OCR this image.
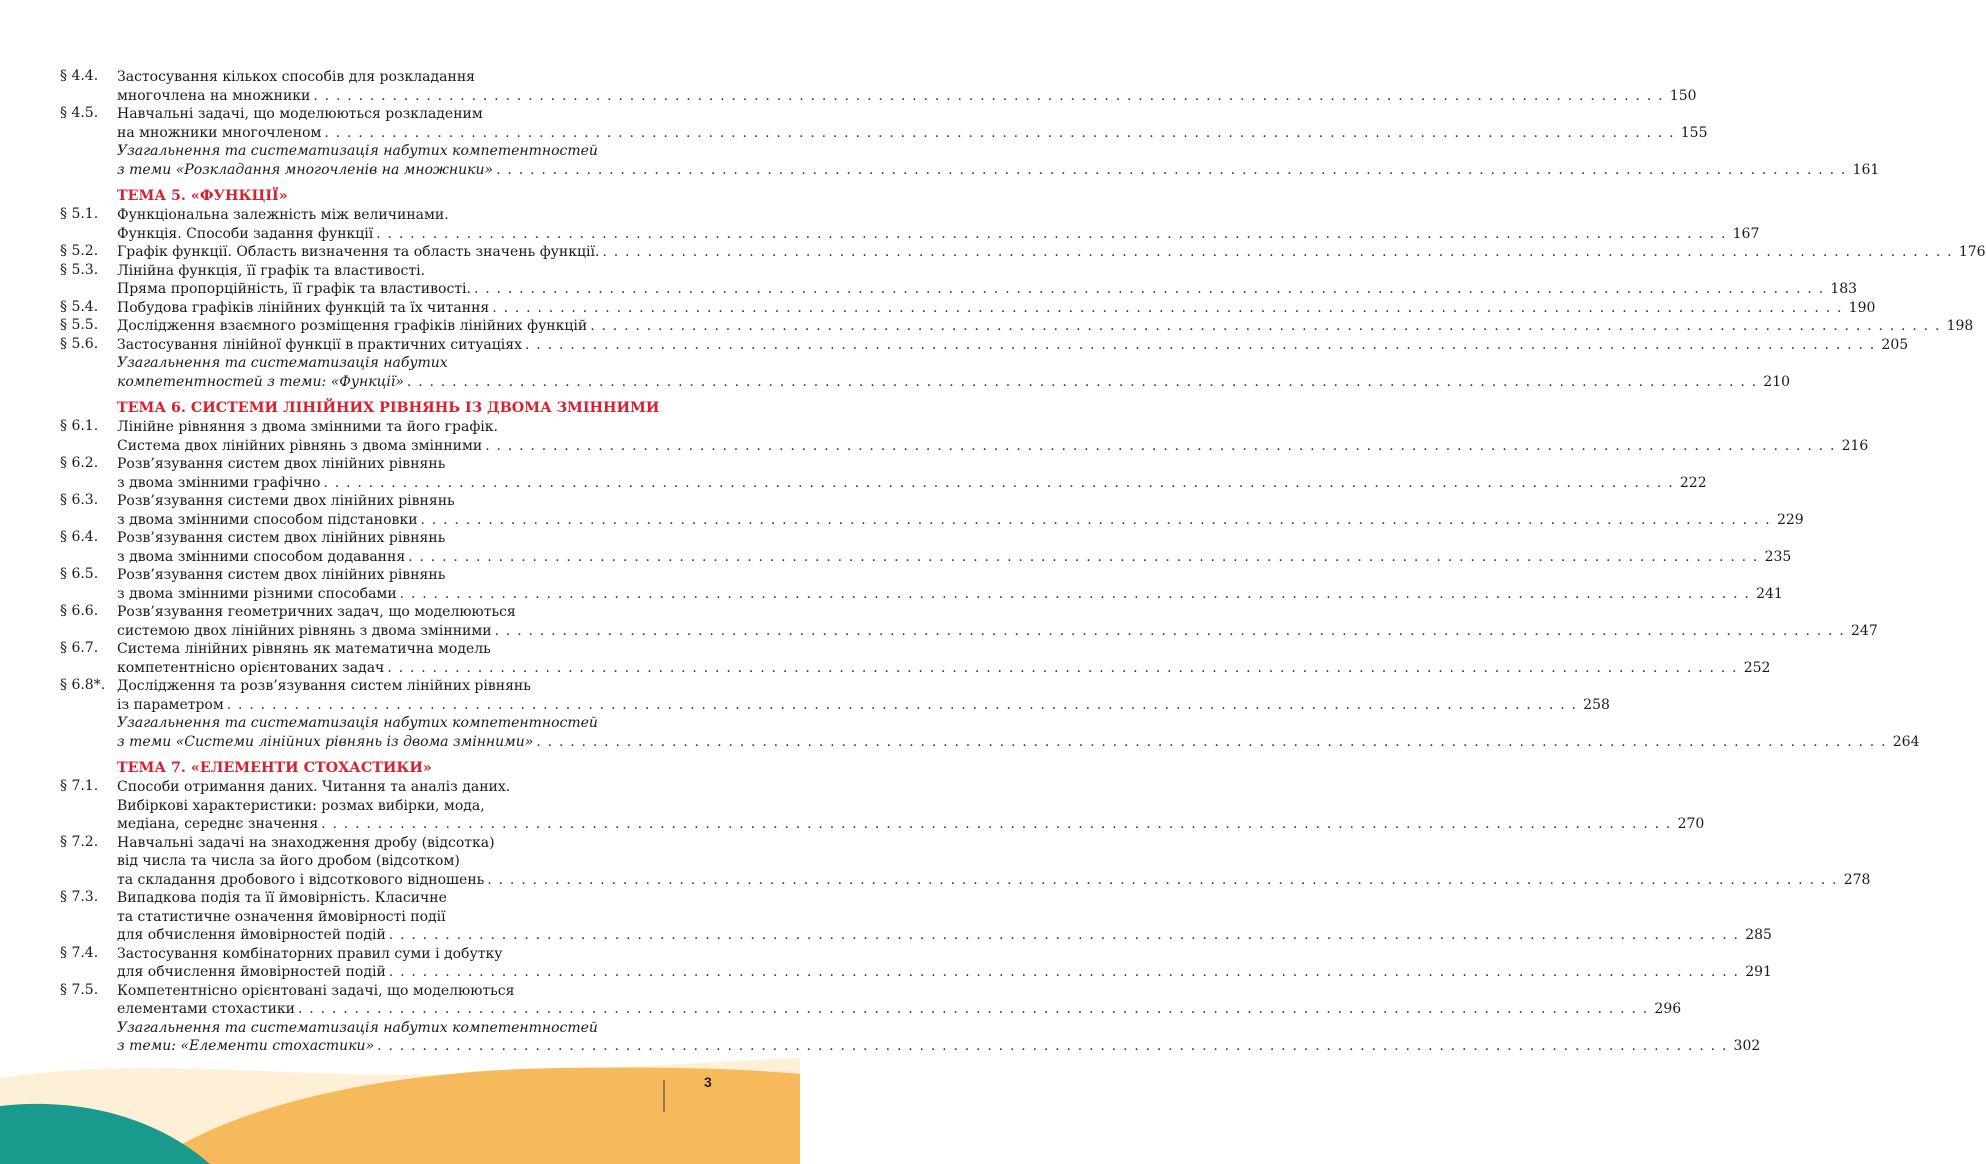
§ 4.4.	Застосування кількох способів для розкладання
многочлена на множники . . . . . . . . . . . . . . . . . . . . . . . . . . . . . . . . . . . . . . . . . . . . . . . . . . . . . . . . . . . . . . . . . . . . . . . . . . . . . . . . . . . . . . . . . . . . . . . . . . . . . . . . . . . . . . . . . . . . . . . . 150
§ 4.5.	Навчальні задачі, що моделюються розкладеним
на множники многочленом . . . . . . . . . . . . . . . . . . . . . . . . . . . . . . . . . . . . . . . . . . . . . . . . . . . . . . . . . . . . . . . . . . . . . . . . . . . . . . . . . . . . . . . . . . . . . . . . . . . . . . . . . . . . . . . . . . . . . . . . 155
Узагальнення та систематизація набутих компетентностей
з теми «Розкладання многочленів на множники» . . . . . . . . . . . . . . . . . . . . . . . . . . . . . . . . . . . . . . . . . . . . . . . . . . . . . . . . . . . . . . . . . . . . . . . . . . . . . . . . . . . . . . . . . . . . . . . . . . . . . . . . . . . . . . . . . . . . . . . . 161
ТЕМА 5. «ФУНКЦІЇ»
§ 5.1.	Функціональна залежність між величинами.
Функція. Способи задання функції . . . . . . . . . . . . . . . . . . . . . . . . . . . . . . . . . . . . . . . . . . . . . . . . . . . . . . . . . . . . . . . . . . . . . . . . . . . . . . . . . . . . . . . . . . . . . . . . . . . . . . . . . . . . . . . . . . . . . . . . 167
§ 5.2.	Графік функції. Область визначення та область значень функції. . . . . . . . . . . . . . . . . . . . . . . . . . . . . . . . . . . . . . . . . . . . . . . . . . . . . . . . . . . . . . . . . . . . . . . . . . . . . . . . . . . . . . . . . . . . . . . . . . . . . . . . . . . . . . . . . . . . . . . . . 176
§ 5.3.	Лінійна функція, її графік та властивості.
Пряма пропорційність, її графік та властивості. . . . . . . . . . . . . . . . . . . . . . . . . . . . . . . . . . . . . . . . . . . . . . . . . . . . . . . . . . . . . . . . . . . . . . . . . . . . . . . . . . . . . . . . . . . . . . . . . . . . . . . . . . . . . . . . . . . . . . . . . 183
§ 5.4.	Побудова графіків лінійних функцій та їх читання . . . . . . . . . . . . . . . . . . . . . . . . . . . . . . . . . . . . . . . . . . . . . . . . . . . . . . . . . . . . . . . . . . . . . . . . . . . . . . . . . . . . . . . . . . . . . . . . . . . . . . . . . . . . . . . . . . . . . . . . 190
§ 5.5.	Дослідження взаємного розміщення графіків лінійних функцій . . . . . . . . . . . . . . . . . . . . . . . . . . . . . . . . . . . . . . . . . . . . . . . . . . . . . . . . . . . . . . . . . . . . . . . . . . . . . . . . . . . . . . . . . . . . . . . . . . . . . . . . . . . . . . . . . . . . . . . . 198
§ 5.6.	Застосування лінійної функції в практичних ситуаціях . . . . . . . . . . . . . . . . . . . . . . . . . . . . . . . . . . . . . . . . . . . . . . . . . . . . . . . . . . . . . . . . . . . . . . . . . . . . . . . . . . . . . . . . . . . . . . . . . . . . . . . . . . . . . . . . . . . . . . . . 205
Узагальнення та систематизація набутих
компетентностей з теми: «Функції» . . . . . . . . . . . . . . . . . . . . . . . . . . . . . . . . . . . . . . . . . . . . . . . . . . . . . . . . . . . . . . . . . . . . . . . . . . . . . . . . . . . . . . . . . . . . . . . . . . . . . . . . . . . . . . . . . . . . . . . . 210
ТЕМА 6. СИСТЕМИ ЛІНІЙНИХ РІВНЯНЬ ІЗ ДВОМА ЗМІННИМИ
§ 6.1.	Лінійне рівняння з двома змінними та його графік.
Система двох лінійних рівнянь з двома змінними . . . . . . . . . . . . . . . . . . . . . . . . . . . . . . . . . . . . . . . . . . . . . . . . . . . . . . . . . . . . . . . . . . . . . . . . . . . . . . . . . . . . . . . . . . . . . . . . . . . . . . . . . . . . . . . . . . . . . . . . 216
§ 6.2.	Розв’язування систем двох лінійних рівнянь
з двома змінними графічно . . . . . . . . . . . . . . . . . . . . . . . . . . . . . . . . . . . . . . . . . . . . . . . . . . . . . . . . . . . . . . . . . . . . . . . . . . . . . . . . . . . . . . . . . . . . . . . . . . . . . . . . . . . . . . . . . . . . . . . . 222
§ 6.3.	Розв’язування системи двох лінійних рівнянь
з двома змінними способом підстановки . . . . . . . . . . . . . . . . . . . . . . . . . . . . . . . . . . . . . . . . . . . . . . . . . . . . . . . . . . . . . . . . . . . . . . . . . . . . . . . . . . . . . . . . . . . . . . . . . . . . . . . . . . . . . . . . . . . . . . . . 229
§ 6.4.	Розв’язування систем двох лінійних рівнянь
з двома змінними способом додавання . . . . . . . . . . . . . . . . . . . . . . . . . . . . . . . . . . . . . . . . . . . . . . . . . . . . . . . . . . . . . . . . . . . . . . . . . . . . . . . . . . . . . . . . . . . . . . . . . . . . . . . . . . . . . . . . . . . . . . . . 235
§ 6.5.	Розв’язування систем двох лінійних рівнянь
з двома змінними різними способами . . . . . . . . . . . . . . . . . . . . . . . . . . . . . . . . . . . . . . . . . . . . . . . . . . . . . . . . . . . . . . . . . . . . . . . . . . . . . . . . . . . . . . . . . . . . . . . . . . . . . . . . . . . . . . . . . . . . . . . . 241
§ 6.6.	Розв’язування геометричних задач, що моделюються
системою двох лінійних рівнянь з двома змінними . . . . . . . . . . . . . . . . . . . . . . . . . . . . . . . . . . . . . . . . . . . . . . . . . . . . . . . . . . . . . . . . . . . . . . . . . . . . . . . . . . . . . . . . . . . . . . . . . . . . . . . . . . . . . . . . . . . . . . . . 247
§ 6.7.	Система лінійних рівнянь як математична модель
компетентнісно орієнтованих задач . . . . . . . . . . . . . . . . . . . . . . . . . . . . . . . . . . . . . . . . . . . . . . . . . . . . . . . . . . . . . . . . . . . . . . . . . . . . . . . . . . . . . . . . . . . . . . . . . . . . . . . . . . . . . . . . . . . . . . . . 252
§ 6.8*. Дослідження та розв’язування систем лінійних рівнянь
із параметром . . . . . . . . . . . . . . . . . . . . . . . . . . . . . . . . . . . . . . . . . . . . . . . . . . . . . . . . . . . . . . . . . . . . . . . . . . . . . . . . . . . . . . . . . . . . . . . . . . . . . . . . . . . . . . . . . . . . . . . . 258
Узагальнення та систематизація набутих компетентностей
з теми «Системи лінійних рівнянь із двома змінними» . . . . . . . . . . . . . . . . . . . . . . . . . . . . . . . . . . . . . . . . . . . . . . . . . . . . . . . . . . . . . . . . . . . . . . . . . . . . . . . . . . . . . . . . . . . . . . . . . . . . . . . . . . . . . . . . . . . . . . . . 264
ТЕМА 7. «ЕЛЕМЕНТИ СТОХАСТИКИ»
§ 7.1.	Способи отримання даних. Читання та аналіз даних.
Вибіркові характеристики: розмах вибірки, мода,
медіана, середнє значення . . . . . . . . . . . . . . . . . . . . . . . . . . . . . . . . . . . . . . . . . . . . . . . . . . . . . . . . . . . . . . . . . . . . . . . . . . . . . . . . . . . . . . . . . . . . . . . . . . . . . . . . . . . . . . . . . . . . . . . . 270
§ 7.2.	Навчальні задачі на знаходження дробу (відсотка)
від числа та числа за його дробом (відсотком)
та складання дробового і відсоткового відношень . . . . . . . . . . . . . . . . . . . . . . . . . . . . . . . . . . . . . . . . . . . . . . . . . . . . . . . . . . . . . . . . . . . . . . . . . . . . . . . . . . . . . . . . . . . . . . . . . . . . . . . . . . . . . . . . . . . . . . . . 278
§ 7.3.	Випадкова подія та її ймовірність. Класичне
та статистичне означення ймовірності події
для обчислення ймовірностей подій . . . . . . . . . . . . . . . . . . . . . . . . . . . . . . . . . . . . . . . . . . . . . . . . . . . . . . . . . . . . . . . . . . . . . . . . . . . . . . . . . . . . . . . . . . . . . . . . . . . . . . . . . . . . . . . . . . . . . . . . 285
§ 7.4.	Застосування комбінаторних правил суми і добутку
для обчислення ймовірностей подій . . . . . . . . . . . . . . . . . . . . . . . . . . . . . . . . . . . . . . . . . . . . . . . . . . . . . . . . . . . . . . . . . . . . . . . . . . . . . . . . . . . . . . . . . . . . . . . . . . . . . . . . . . . . . . . . . . . . . . . . 291
§ 7.5.	Компетентнісно орієнтовані задачі, що моделюються
елементами стохастики . . . . . . . . . . . . . . . . . . . . . . . . . . . . . . . . . . . . . . . . . . . . . . . . . . . . . . . . . . . . . . . . . . . . . . . . . . . . . . . . . . . . . . . . . . . . . . . . . . . . . . . . . . . . . . . . . . . . . . . . 296
Узагальнення та систематизація набутих компетентностей
з теми: «Елементи стохастики» . . . . . . . . . . . . . . . . . . . . . . . . . . . . . . . . . . . . . . . . . . . . . . . . . . . . . . . . . . . . . . . . . . . . . . . . . . . . . . . . . . . . . . . . . . . . . . . . . . . . . . . . . . . . . . . . . . . . . . . . 302
3
